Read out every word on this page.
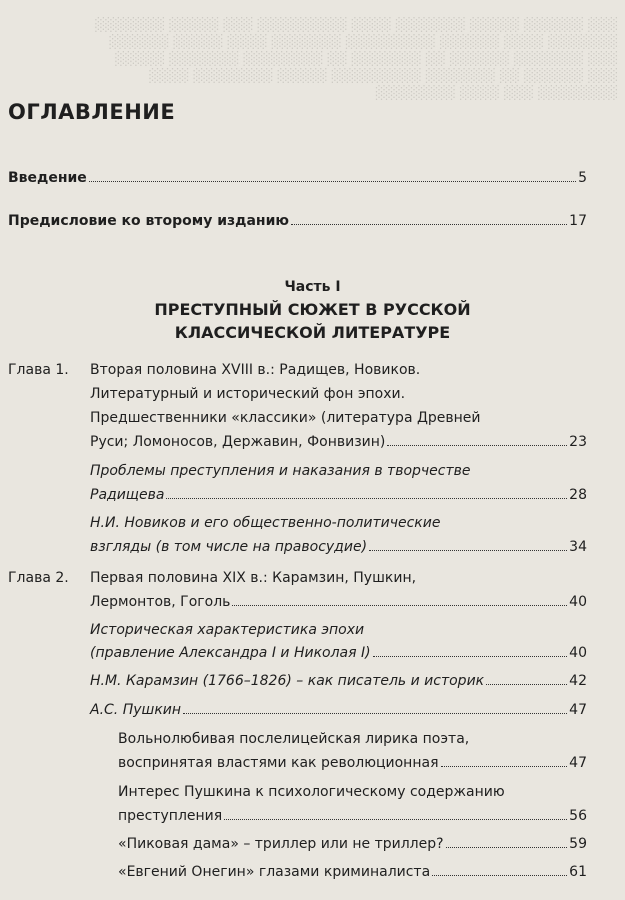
░░░ ░░░░░░ ░░░░░ ░░░░░░░ ░░░░ ░░░░░░░░░ ░░░ ░░░░░ ░░░░░░░
░░░░░░░ ░░░░ ░░░░░░ ░░░░░░░░░ ░░░░░░░ ░░░░ ░░░░░ ░░░░░░
░░░ ░░░░░░░ ░░░░░░ ░░ ░░░░░░░ ░░ ░░░░░░░░ ░░░░░░░ ░░░░░
░░░ ░░░░░░ ░░ ░░░░░░░ ░░░░░░░░░ ░░░░░ ░░░░░░░░ ░░░░
░░░░░░░░ ░░░ ░░░░ ░░░░░░░░
ОГЛАВЛЕНИЕ
Введение	5
Предисловие ко второму изданию	17
Часть I
ПРЕСТУПНЫЙ СЮЖЕТ В РУССКОЙ
КЛАССИЧЕСКОЙ ЛИТЕРАТУРЕ
Глава 1. Вторая половина XVIII в.: Радищев, Новиков.
Литературный и исторический фон эпохи.
Предшественники «классики» (литература Древней
Руси; Ломоносов, Державин, Фонвизин)	23
Проблемы преступления и наказания в творчестве
Радищева	28
Н.И. Новиков и его общественно-политические
взгляды (в том числе на правосудие)	34
Глава 2. Первая половина XIX в.: Карамзин, Пушкин,
Лермонтов, Гоголь	40
Историческая характеристика эпохи
(правление Александра I и Николая I)	40
Н.М. Карамзин (1766–1826) – как писатель и историк	42
А.С. Пушкин	47
Вольнолюбивая послелицейская лирика поэта,
воспринятая властями как революционная	47
Интерес Пушкина к психологическому содержанию
преступления	56
«Пиковая дама» – триллер или не триллер?	59
«Евгений Онегин» глазами криминалиста	61
